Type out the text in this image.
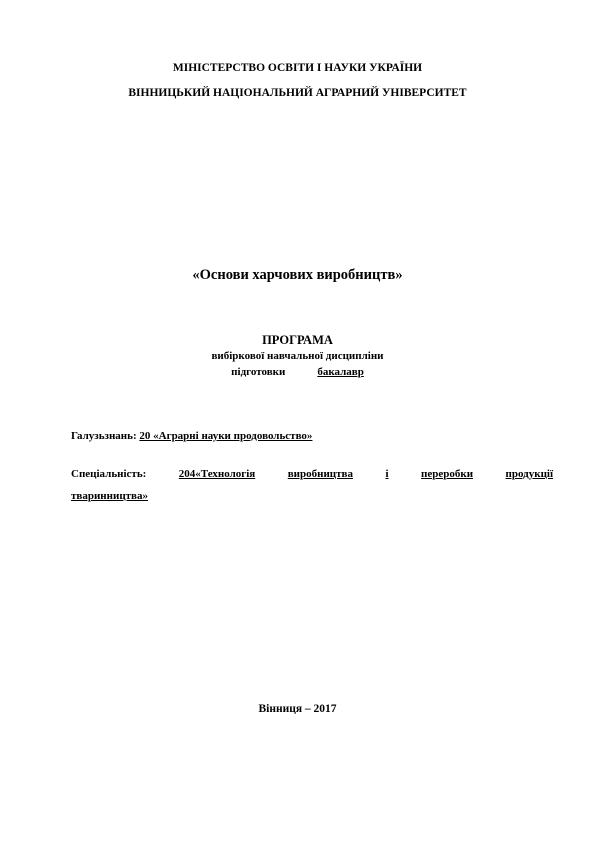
МІНІСТЕРСТВО ОСВІТИ І НАУКИ УКРАЇНИ
ВІННИЦЬКИЙ НАЦІОНАЛЬНИЙ АГРАРНИЙ УНІВЕРСИТЕТ
«Основи харчових виробництв»
ПРОГРАМА
вибіркової навчальної дисципліни
підготовки	бакалавр
Галузьзнань: 20 «Аграрні науки продовольство»
Спеціальність:	204«Технологія	виробництва	і	переробки	продукції
тваринництва»
Вінниця – 2017
